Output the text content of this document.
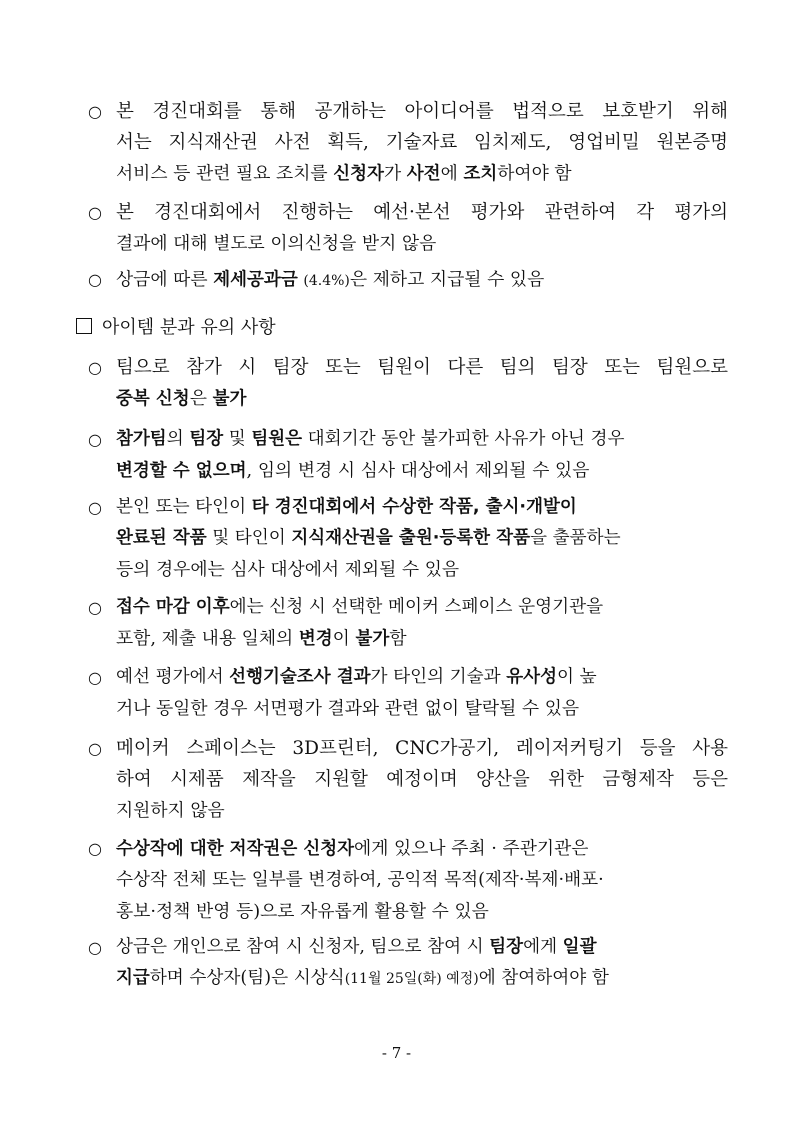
○ 본 경진대회를 통해 공개하는 아이디어를 법적으로 보호받기 위해
서는 지식재산권 사전 획득, 기술자료 임치제도, 영업비밀 원본증명
서비스 등 관련 필요 조치를 신청자가 사전에 조치하여야 함
○ 본 경진대회에서 진행하는 예선·본선 평가와 관련하여 각 평가의
결과에 대해 별도로 이의신청을 받지 않음
○ 상금에 따른 제세공과금 (4.4%)은 제하고 지급될 수 있음
아이템 분과 유의 사항
○ 팀으로 참가 시 팀장 또는 팀원이 다른 팀의 팀장 또는 팀원으로
중복 신청은 불가
○ 참가팀의 팀장 및 팀원은 대회기간 동안 불가피한 사유가 아닌 경우
변경할 수 없으며, 임의 변경 시 심사 대상에서 제외될 수 있음
○ 본인 또는 타인이 타 경진대회에서 수상한 작품, 출시·개발이
완료된 작품 및 타인이 지식재산권을 출원·등록한 작품을 출품하는
등의 경우에는 심사 대상에서 제외될 수 있음
○ 접수 마감 이후에는 신청 시 선택한 메이커 스페이스 운영기관을
포함, 제출 내용 일체의 변경이 불가함
○ 예선 평가에서 선행기술조사 결과가 타인의 기술과 유사성이 높
거나 동일한 경우 서면평가 결과와 관련 없이 탈락될 수 있음
○ 메이커 스페이스는 3D프린터, CNC가공기, 레이저커팅기 등을 사용
하여 시제품 제작을 지원할 예정이며 양산을 위한 금형제작 등은
지원하지 않음
○ 수상작에 대한 저작권은 신청자에게 있으나 주최 · 주관기관은
수상작 전체 또는 일부를 변경하여, 공익적 목적(제작·복제·배포·
홍보·정책 반영 등)으로 자유롭게 활용할 수 있음
○ 상금은 개인으로 참여 시 신청자, 팀으로 참여 시 팀장에게 일괄
지급하며 수상자(팀)은 시상식(11월 25일(화) 예정)에 참여하여야 함
- 7 -
